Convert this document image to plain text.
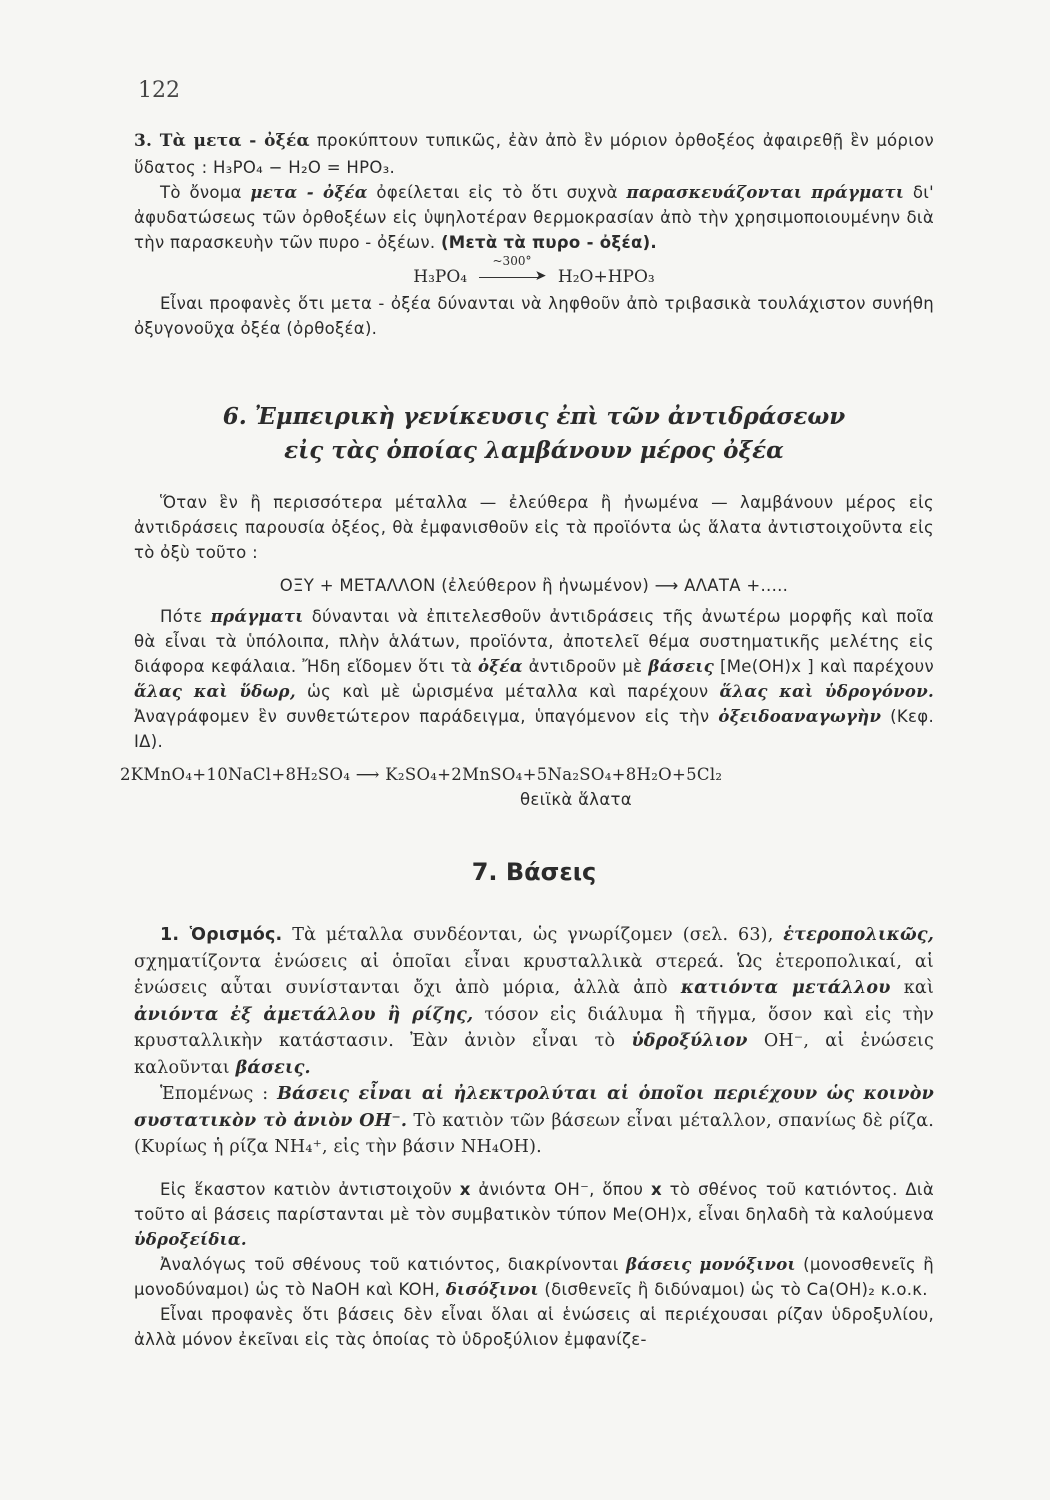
122

3. Τὰ μετα - ὀξέα προκύπτουν τυπικῶς, ἐὰν ἀπὸ ἓν μόριον ὀρθοξέος ἀφαιρεθῇ ἓν μόριον ὕδατος : H₃PO₄ − H₂O = HPO₃.

Τὸ ὄνομα μετα - ὀξέα ὀφείλεται εἰς τὸ ὅτι συχνὰ παρασκευάζονται πράγματι δι' ἀφυδατώσεως τῶν ὀρθοξέων εἰς ὑψηλοτέραν θερμοκρασίαν ἀπὸ τὴν χρησιμοποιουμένην διὰ τὴν παρασκευὴν τῶν πυρο - ὀξέων. (Μετὰ τὰ πυρο - ὀξέα).

H₃PO₄
~300°
➤ H₂O+HPO₃

Εἶναι προφανὲς ὅτι μετα - ὀξέα δύνανται νὰ ληφθοῦν ἀπὸ τριβασικὰ τουλάχιστον συνήθη ὀξυγονοῦχα ὀξέα (ὀρθοξέα).

6. Ἐμπειρικὴ γενίκευσις ἐπὶ τῶν ἀντιδράσεων
εἰς τὰς ὁποίας λαμβάνουν μέρος ὀξέα

Ὅταν ἓν ἢ περισσότερα μέταλλα — ἐλεύθερα ἢ ἠνωμένα — λαμβάνουν μέρος εἰς ἀντιδράσεις παρουσία ὀξέος, θὰ ἐμφανισθοῦν εἰς τὰ προϊόντα ὡς ἅλατα ἀντιστοιχοῦντα εἰς τὸ ὀξὺ τοῦτο :

ΟΞΥ + ΜΕΤΑΛΛΟΝ (ἐλεύθερον ἢ ἠνωμένον) ⟶ ΑΛΑΤΑ +.....

Πότε πράγματι δύνανται νὰ ἐπιτελεσθοῦν ἀντιδράσεις τῆς ἀνωτέρω μορφῆς καὶ ποῖα θὰ εἶναι τὰ ὑπόλοιπα, πλὴν ἁλάτων, προϊόντα, ἀποτελεῖ θέμα συστηματικῆς μελέτης εἰς διάφορα κεφάλαια. Ἤδη εἴδομεν ὅτι τὰ ὀξέα ἀντιδροῦν μὲ βάσεις [Me(OH)x ] καὶ παρέχουν ἅλας καὶ ὕδωρ, ὡς καὶ μὲ ὡρισμένα μέταλλα καὶ παρέχουν ἅλας καὶ ὑδρογόνον. Ἀναγράφομεν ἓν συνθετώτερον παράδειγμα, ὑπαγόμενον εἰς τὴν ὀξειδοαναγωγὴν (Κεφ. ΙΔ).

2KMnO₄+10NaCl+8H₂SO₄ ⟶ K₂SO₄+2MnSO₄+5Na₂SO₄+8H₂O+5Cl₂

θειϊκὰ ἅλατα

7. Βάσεις

1. Ὁρισμός. Τὰ μέταλλα συνδέονται, ὡς γνωρίζομεν (σελ. 63), ἑτεροπολικῶς, σχηματίζοντα ἑνώσεις αἱ ὁποῖαι εἶναι κρυσταλλικὰ στερεά. Ὡς ἑτεροπολικαί, αἱ ἑνώσεις αὗται συνίστανται ὄχι ἀπὸ μόρια, ἀλλὰ ἀπὸ κατιόντα μετάλλου καὶ ἀνιόντα ἐξ ἀμετάλλου ἢ ρίζης, τόσον εἰς διάλυμα ἢ τῆγμα, ὅσον καὶ εἰς τὴν κρυσταλλικὴν κατάστασιν. Ἐὰν ἀνιὸν εἶναι τὸ ὑδροξύλιον OH⁻, αἱ ἑνώσεις καλοῦνται βάσεις.

Ἑπομένως : Βάσεις εἶναι αἱ ἠλεκτρολύται αἱ ὁποῖοι περιέχουν ὡς κοινὸν συστατικὸν τὸ ἀνιὸν OH⁻. Τὸ κατιὸν τῶν βάσεων εἶναι μέταλλον, σπανίως δὲ ρίζα. (Κυρίως ἡ ρίζα NH₄⁺, εἰς τὴν βάσιν NH₄OH).

Εἰς ἕκαστον κατιὸν ἀντιστοιχοῦν x ἀνιόντα OH⁻, ὅπου x τὸ σθένος τοῦ κατιόντος. Διὰ τοῦτο αἱ βάσεις παρίστανται μὲ τὸν συμβατικὸν τύπον Me(OH)x, εἶναι δηλαδὴ τὰ καλούμενα ὑδροξείδια.

Ἀναλόγως τοῦ σθένους τοῦ κατιόντος, διακρίνονται βάσεις μονόξινοι (μονοσθενεῖς ἢ μονοδύναμοι) ὡς τὸ NaOH καὶ KOH, δισόξινοι (δισθενεῖς ἢ διδύναμοι) ὡς τὸ Ca(OH)₂ κ.ο.κ.

Εἶναι προφανὲς ὅτι βάσεις δὲν εἶναι ὅλαι αἱ ἑνώσεις αἱ περιέχουσαι ρίζαν ὑδροξυλίου, ἀλλὰ μόνον ἐκεῖναι εἰς τὰς ὁποίας τὸ ὑδροξύλιον ἐμφανίζε-
